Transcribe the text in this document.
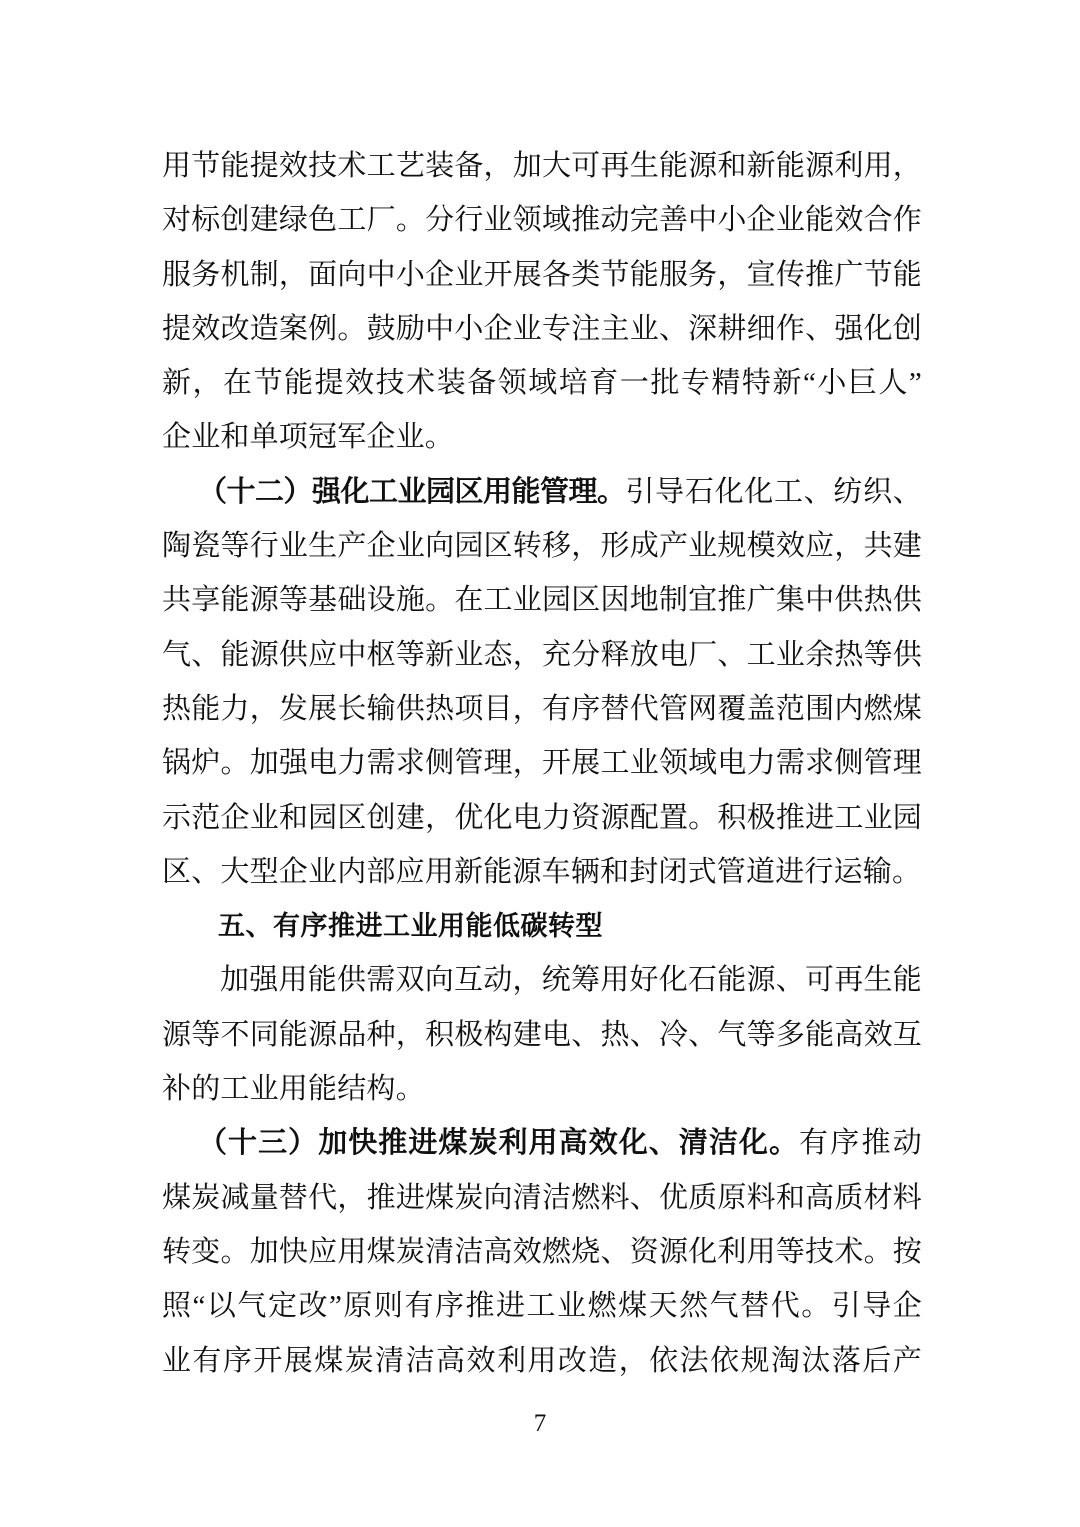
用节能提效技术工艺装备，加大可再生能源和新能源利用，
对标创建绿色工厂。分行业领域推动完善中小企业能效合作
服务机制，面向中小企业开展各类节能服务，宣传推广节能
提效改造案例。鼓励中小企业专注主业、深耕细作、强化创
新，在节能提效技术装备领域培育一批专精特新“小巨人”
企业和单项冠军企业。
（十二）强化工业园区用能管理。引导石化化工、纺织、
陶瓷等行业生产企业向园区转移，形成产业规模效应，共建
共享能源等基础设施。在工业园区因地制宜推广集中供热供
气、能源供应中枢等新业态，充分释放电厂、工业余热等供
热能力，发展长输供热项目，有序替代管网覆盖范围内燃煤
锅炉。加强电力需求侧管理，开展工业领域电力需求侧管理
示范企业和园区创建，优化电力资源配置。积极推进工业园
区、大型企业内部应用新能源车辆和封闭式管道进行运输。
五、有序推进工业用能低碳转型
加强用能供需双向互动，统筹用好化石能源、可再生能
源等不同能源品种，积极构建电、热、冷、气等多能高效互
补的工业用能结构。
（十三）加快推进煤炭利用高效化、清洁化。有序推动
煤炭减量替代，推进煤炭向清洁燃料、优质原料和高质材料
转变。加快应用煤炭清洁高效燃烧、资源化利用等技术。按
照“以气定改”原则有序推进工业燃煤天然气替代。引导企
业有序开展煤炭清洁高效利用改造，依法依规淘汰落后产
7
